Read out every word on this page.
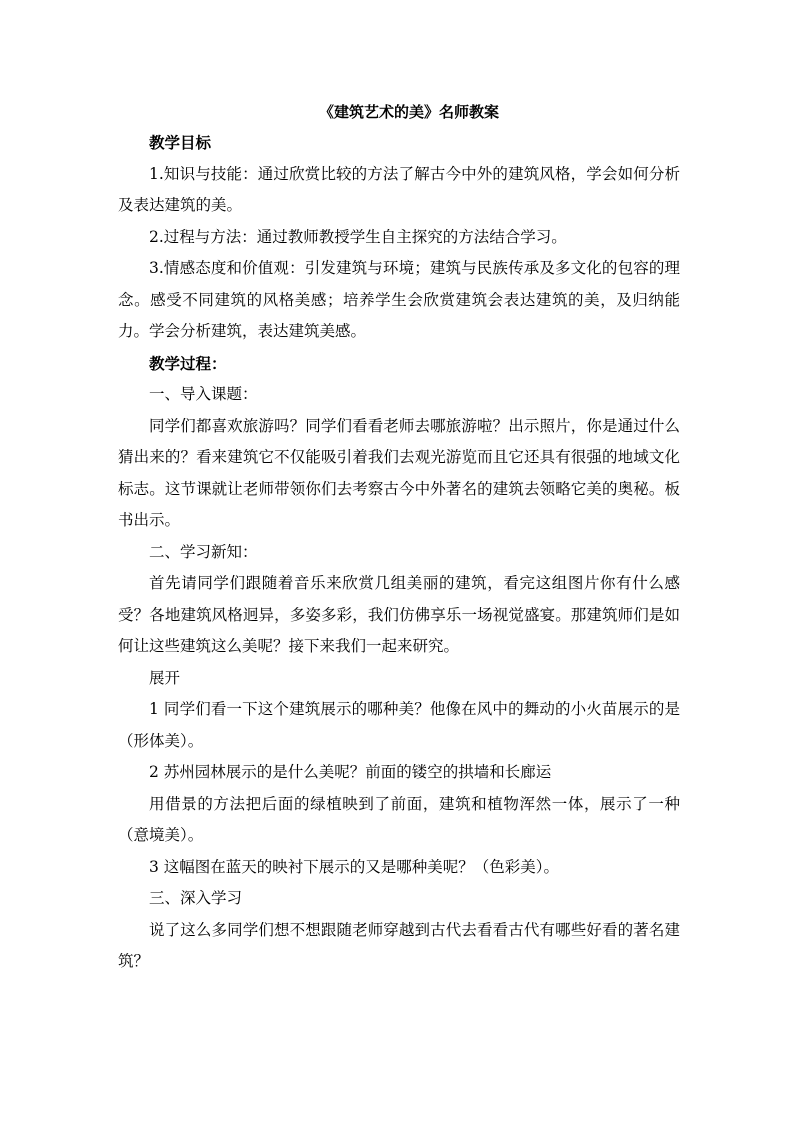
《建筑艺术的美》名师教案

教学目标

1.知识与技能：通过欣赏比较的方法了解古今中外的建筑风格，学会如何分析及表达建筑的美。

2.过程与方法：通过教师教授学生自主探究的方法结合学习。

3.情感态度和价值观：引发建筑与环境；建筑与民族传承及多文化的包容的理念。感受不同建筑的风格美感；培养学生会欣赏建筑会表达建筑的美，及归纳能力。学会分析建筑，表达建筑美感。

教学过程：

一、导入课题：

同学们都喜欢旅游吗？同学们看看老师去哪旅游啦？出示照片，你是通过什么猜出来的？看来建筑它不仅能吸引着我们去观光游览而且它还具有很强的地域文化标志。这节课就让老师带领你们去考察古今中外著名的建筑去领略它美的奥秘。板书出示。

二、学习新知：

首先请同学们跟随着音乐来欣赏几组美丽的建筑，看完这组图片你有什么感受？各地建筑风格迥异，多姿多彩，我们仿佛享乐一场视觉盛宴。那建筑师们是如何让这些建筑这么美呢？接下来我们一起来研究。

展开

1 同学们看一下这个建筑展示的哪种美？他像在风中的舞动的小火苗展示的是（形体美）。

2 苏州园林展示的是什么美呢？前面的镂空的拱墙和长廊运

用借景的方法把后面的绿植映到了前面，建筑和植物浑然一体，展示了一种（意境美）。

3 这幅图在蓝天的映衬下展示的又是哪种美呢？（色彩美）。

三、深入学习

说了这么多同学们想不想跟随老师穿越到古代去看看古代有哪些好看的著名建筑？
